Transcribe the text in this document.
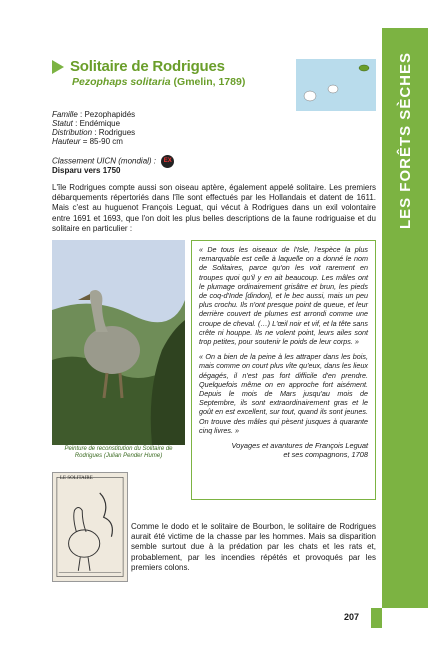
LES FORÊTS SÈCHES
Solitaire de Rodrigues
Pezophaps solitaria (Gmelin, 1789)
Famille : Pezophapidés
Statut : Endémique
Distribution : Rodrigues
Hauteur = 85-90 cm
Classement UICN (mondial) : EX
Disparu vers 1750
L'île Rodrigues compte aussi son oiseau aptère, également appelé solitaire. Les premiers débarquements répertoriés dans l'île sont effectués par les Hollandais et datent de 1611. Mais c'est au huguenot François Leguat, qui vécut à Rodrigues dans un exil volontaire entre 1691 et 1693, que l'on doit les plus belles descriptions de la faune rodriguaise et du solitaire en particulier :
Peinture de reconstitution du Solitaire de Rodrigues (Julian Pender Hume)

« De tous les oiseaux de l'Isle, l'espèce la plus remarquable est celle à laquelle on a donné le nom de Solitaires, parce qu'on les voit rarement en troupes quoi qu'il y en ait beaucoup. Les mâles ont le plumage ordinairement grisâtre et brun, les pieds de coq-d'Inde [dindon], et le bec aussi, mais un peu plus crochu. Ils n'ont presque point de queue, et leur derrière couvert de plumes est arrondi comme une croupe de cheval. (…) L'œil noir et vif, et la tête sans crête ni houppe. Ils ne volent point, leurs ailes sont trop petites, pour soutenir le poids de leur corps. »

« On a bien de la peine à les attraper dans les bois, mais comme on court plus vîte qu'eux, dans les lieux dégagés, il n'est pas fort difficile d'en prendre. Quelquefois même on en approche fort aisément. Depuis le mois de Mars jusqu'au mois de Septembre, ils sont extraordinairement gras et le goût en est excellent, sur tout, quand ils sont jeunes. On trouve des mâles qui pèsent jusques à quarante cinq livres. »

Voyages et avantures de François Leguat
et ses compagnons, 1708
LE SOLITAIRE
Comme le dodo et le solitaire de Bourbon, le solitaire de Rodrigues aurait été victime de la chasse par les hommes. Mais sa disparition semble surtout due à la prédation par les chats et les rats et, probablement, par les incendies répétés et provoqués par les premiers colons.
207
